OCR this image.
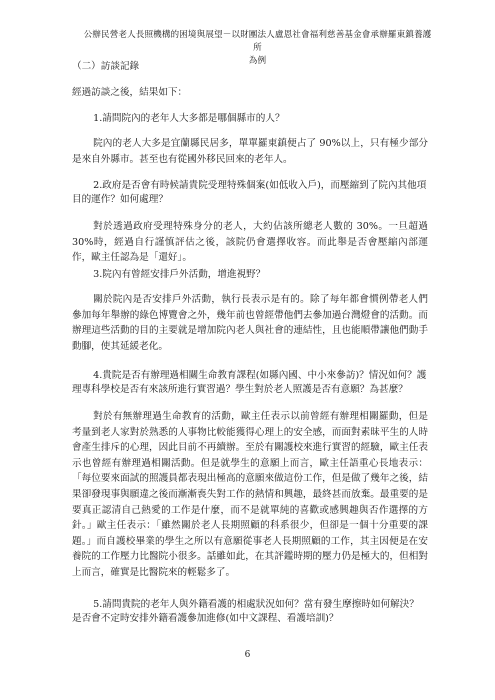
公辦民營老人長照機構的困境與展望－以財團法人盧恩社會福利慈善基金會承辦羅東鎮養護所
為例
（二）訪談記錄
經過訪談之後，結果如下：

1.請問院內的老年人大多都是哪個縣市的人？

院內的老人大多是宜蘭縣民居多，單單羅東鎮便占了 90%以上，只有極少部分是來自外縣市。甚至也有從國外移民回來的老年人。

2.政府是否會有時候請貴院受理特殊個案(如低收入戶)，而壓縮到了院內其他項目的運作？如何處理？

對於透過政府受理特殊身分的老人，大約佔該所總老人數的 30%。一旦超過 30%時，經過自行謹慎評估之後，該院仍會選擇收容。而此舉是否會壓縮內部運作，歐主任認為是「還好」。

3.院內有曾經安排戶外活動，增進視野？

關於院內是否安排戶外活動，執行長表示是有的。除了每年都會慣例帶老人們參加每年舉辦的綠色博覽會之外，幾年前也曾經帶他們去參加過台灣燈會的活動。而辦理這些活動的目的主要就是增加院內老人與社會的連結性，且也能順帶讓他們動手動腳，使其延緩老化。

4.貴院是否有辦理過相關生命教育課程(如縣內國、中小來參訪)？情況如何？護理專科學校是否有來該所進行實習過？學生對於老人照護是否有意願？為甚麼？

對於有無辦理過生命教育的活動，歐主任表示以前曾經有辦理相關羅動，但是考量到老人家對於熟悉的人事物比較能獲得心理上的安全感，而面對素昧平生的人時會產生排斥的心理，因此目前不再續辦。至於有關護校來進行實習的經驗，歐主任表示也曾經有辦理過相關活動。但是就學生的意願上而言，歐主任語重心長地表示：「每位要來面試的照護員都表現出極高的意願來做這份工作，但是做了幾年之後，結果卻發現事與願違之後而漸漸喪失對工作的熱情和興趣，最終甚而放棄。最重要的是要真正認清自己熱愛的工作是什麼，而不是就單純的喜歡或感興趣與否作選擇的方針。」歐主任表示：「雖然關於老人長期照顧的科系很少，但卻是一個十分重要的課題。」而自護校畢業的學生之所以有意願從事老人長期照顧的工作，其主因便是在安養院的工作壓力比醫院小很多。話雖如此，在其評鑑時期的壓力仍是極大的，但相對上而言，確實是比醫院來的輕鬆多了。

5.請問貴院的老年人與外籍看護的相處狀況如何？當有發生摩擦時如何解決？是否會不定時安排外籍看護參加進修(如中文課程、看護培訓)？

6
